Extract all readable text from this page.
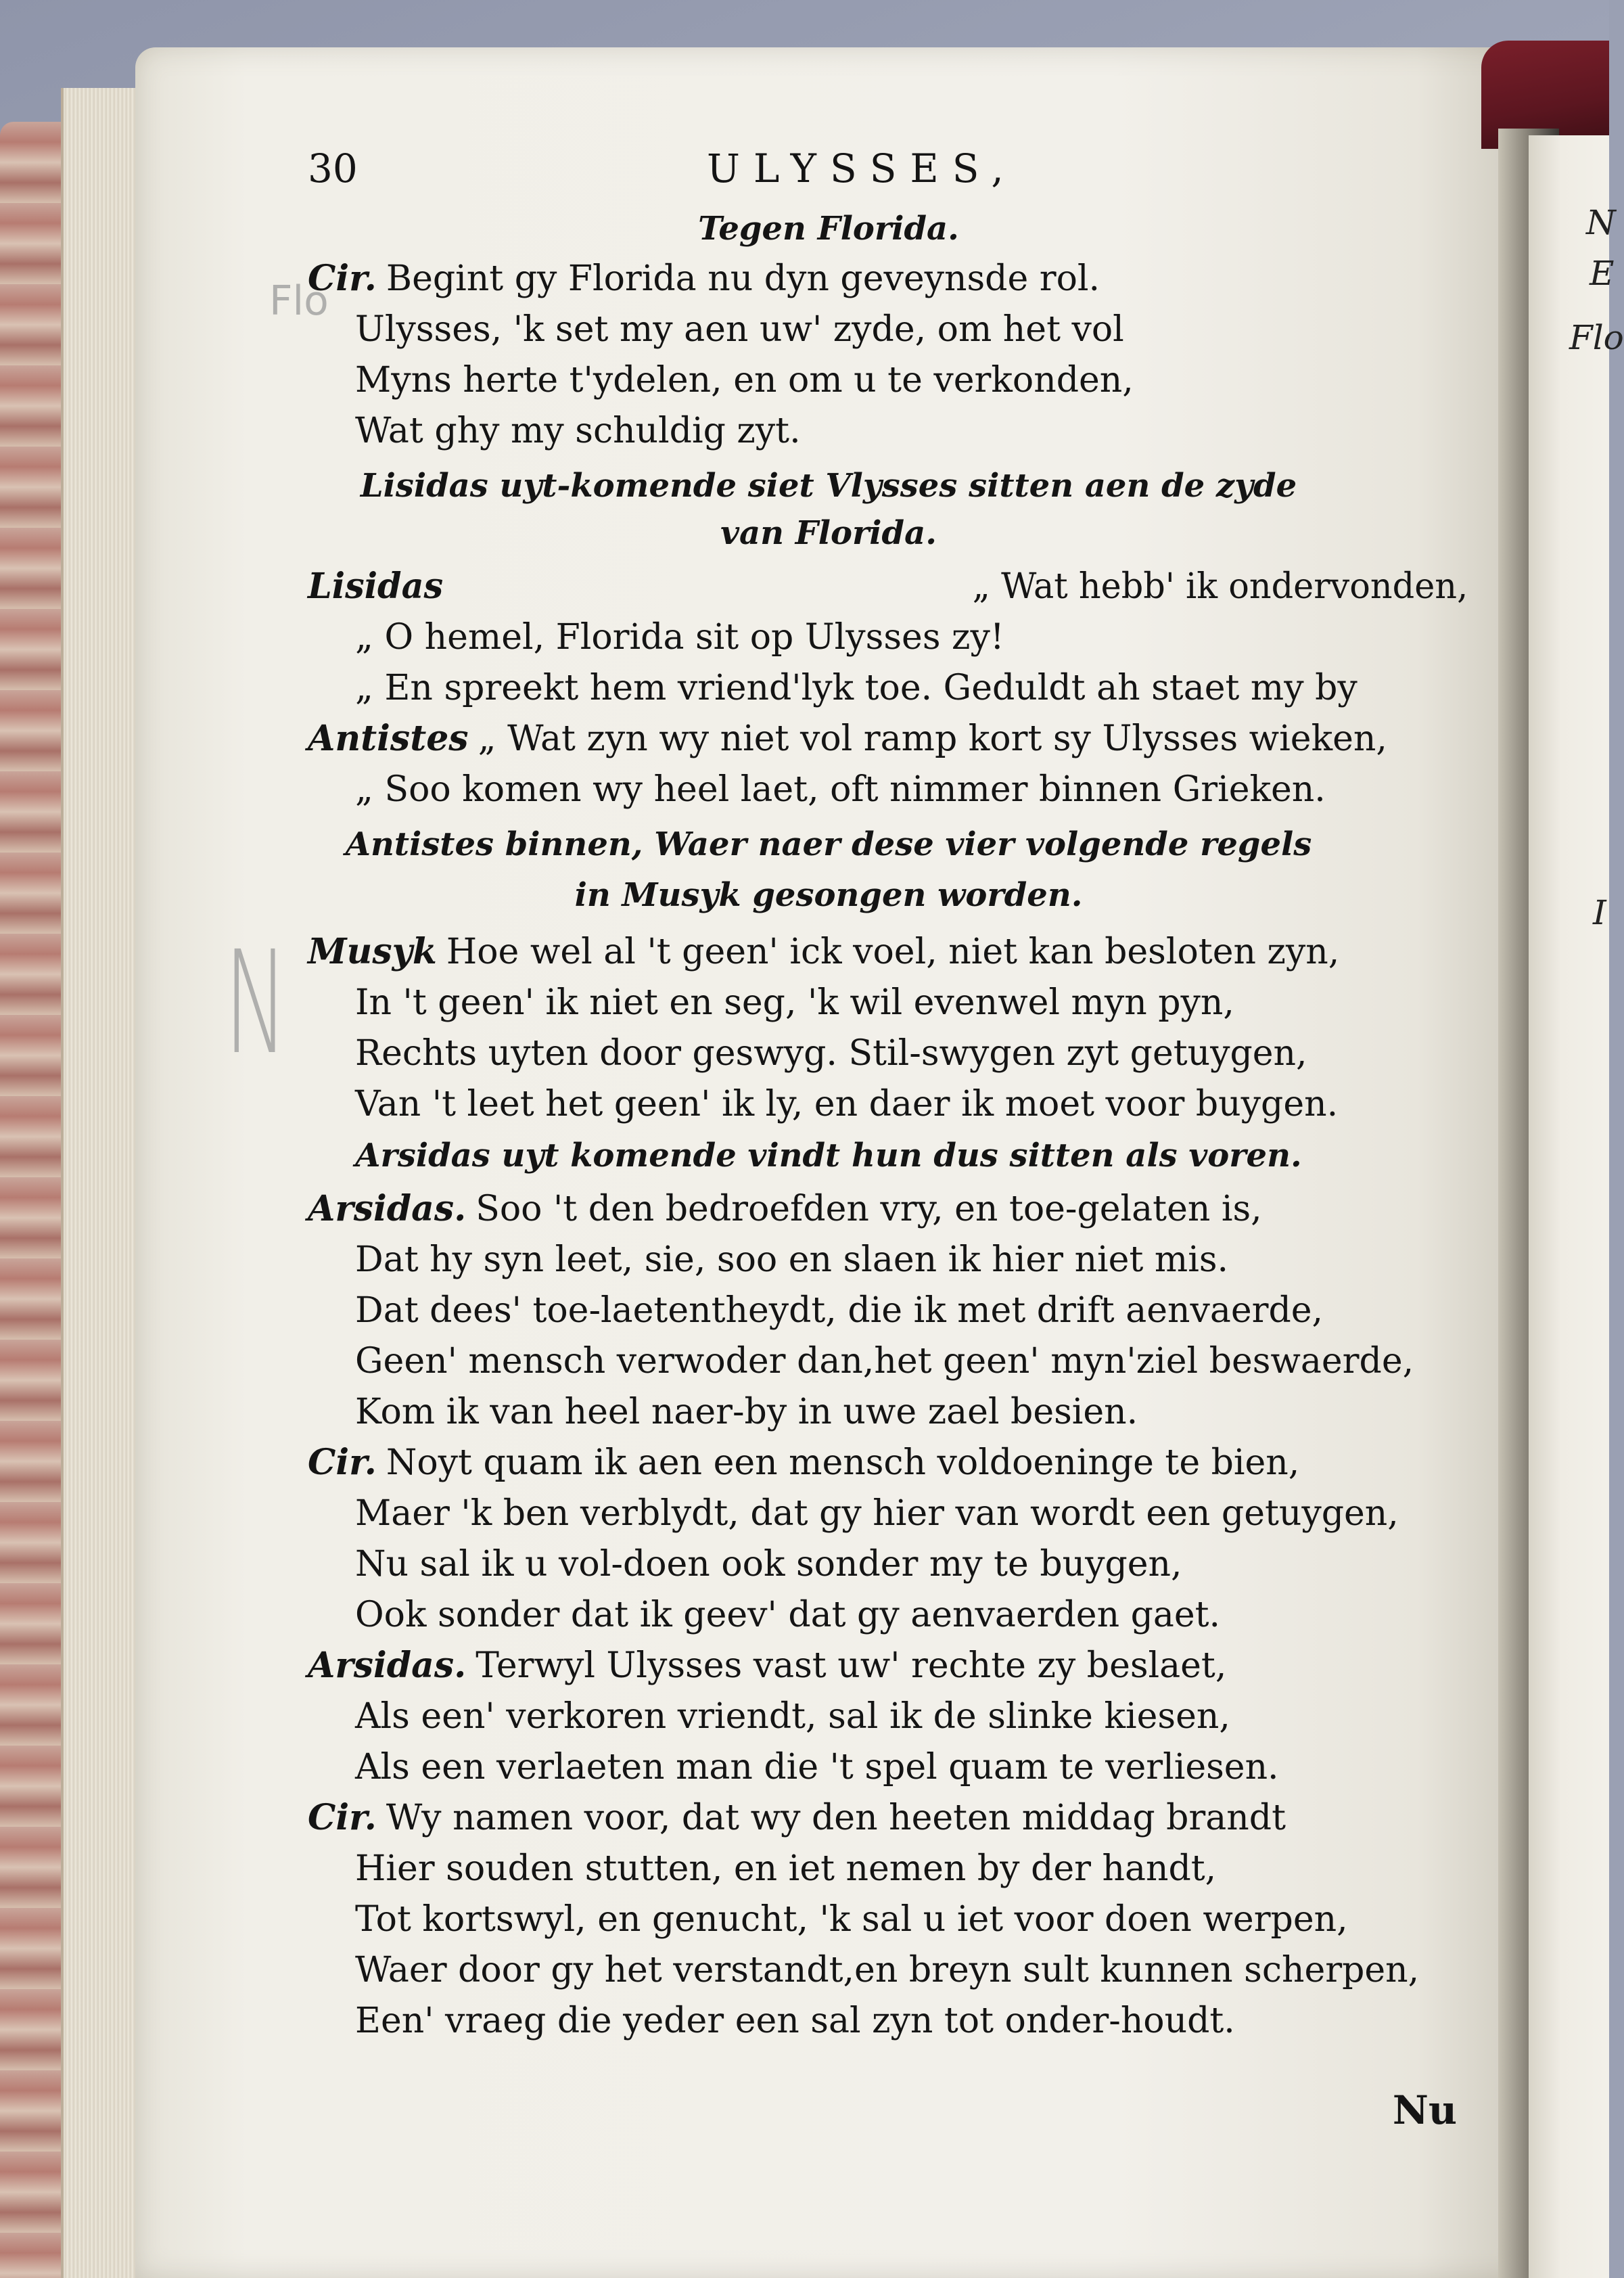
Flo
N
30	ULYSSES,
Tegen Florida.
Cir. Begint gy Florida nu dyn geveynsde rol.
Ulysses, 'k set my aen uw' zyde, om het vol
Myns herte t'ydelen, en om u te verkonden,
Wat ghy my schuldig zyt.
Lisidas uyt-komende siet Vlysses sitten aen de zyde
van Florida.
Lisidas	„ Wat hebb' ik ondervonden,
„ O hemel, Florida sit op Ulysses zy!
„ En spreekt hem vriend'lyk toe. Geduldt ah staet my by
Antistes „ Wat zyn wy niet vol ramp kort sy Ulysses wieken,
„ Soo komen wy heel laet, oft nimmer binnen Grieken.
Antistes binnen, Waer naer dese vier volgende regels
in Musyk gesongen worden.
Musyk Hoe wel al 't geen' ick voel, niet kan besloten zyn,
In 't geen' ik niet en seg, 'k wil evenwel myn pyn,
Rechts uyten door geswyg. Stil-swygen zyt getuygen,
Van 't leet het geen' ik ly, en daer ik moet voor buygen.
Arsidas uyt komende vindt hun dus sitten als voren.
Arsidas. Soo 't den bedroefden vry, en toe-gelaten is,
Dat hy syn leet, sie, soo en slaen ik hier niet mis.
Dat dees' toe-laetentheydt, die ik met drift aenvaerde,
Geen' mensch verwoder dan,het geen' myn'ziel beswaerde,
Kom ik van heel naer-by in uwe zael besien.
Cir. Noyt quam ik aen een mensch voldoeninge te bien,
Maer 'k ben verblydt, dat gy hier van wordt een getuygen,
Nu sal ik u vol-doen ook sonder my te buygen,
Ook sonder dat ik geev' dat gy aenvaerden gaet.
Arsidas. Terwyl Ulysses vast uw' rechte zy beslaet,
Als een' verkoren vriendt, sal ik de slinke kiesen,
Als een verlaeten man die 't spel quam te verliesen.
Cir. Wy namen voor, dat wy den heeten middag brandt
Hier souden stutten, en iet nemen by der handt,
Tot kortswyl, en genucht, 'k sal u iet voor doen werpen,
Waer door gy het verstandt,en breyn sult kunnen scherpen,
Een' vraeg die yeder een sal zyn tot onder-houdt.
Nu
N
E
Flo
I
